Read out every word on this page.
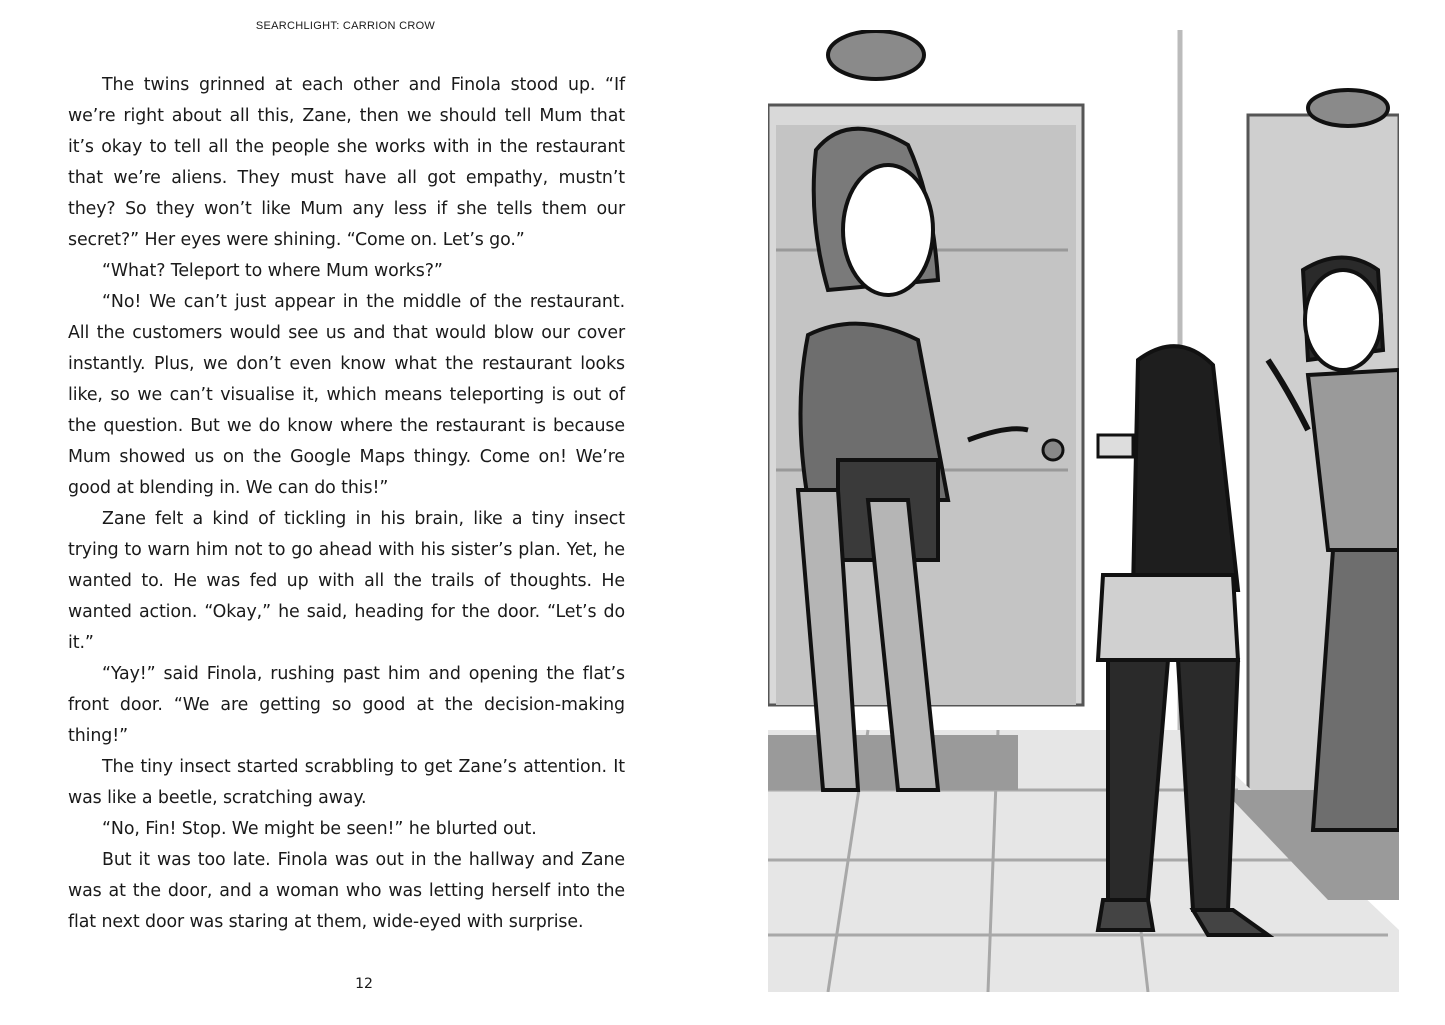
SEARCHLIGHT: CARRION CROW

The twins grinned at each other and Finola stood up. “If we’re right about all this, Zane, then we should tell Mum that it’s okay to tell all the people she works with in the restaurant that we’re aliens. They must have all got empathy, mustn’t they? So they won’t like Mum any less if she tells them our secret?” Her eyes were shining. “Come on. Let’s go.”

“What? Teleport to where Mum works?”

“No! We can’t just appear in the middle of the restaurant. All the customers would see us and that would blow our cover instantly. Plus, we don’t even know what the restaurant looks like, so we can’t visualise it, which means teleporting is out of the question. But we do know where the restaurant is because Mum showed us on the Google Maps thingy. Come on! We’re good at blending in. We can do this!”

Zane felt a kind of tickling in his brain, like a tiny insect trying to warn him not to go ahead with his sister’s plan. Yet, he wanted to. He was fed up with all the trails of thoughts. He wanted action. “Okay,” he said, heading for the door. “Let’s do it.”

“Yay!” said Finola, rushing past him and opening the flat’s front door. “We are getting so good at the decision-making thing!”

The tiny insect started scrabbling to get Zane’s attention. It was like a beetle, scratching away.

“No, Fin! Stop. We might be seen!” he blurted out.

But it was too late. Finola was out in the hallway and Zane was at the door, and a woman who was letting herself into the flat next door was staring at them, wide-eyed with surprise.

12
